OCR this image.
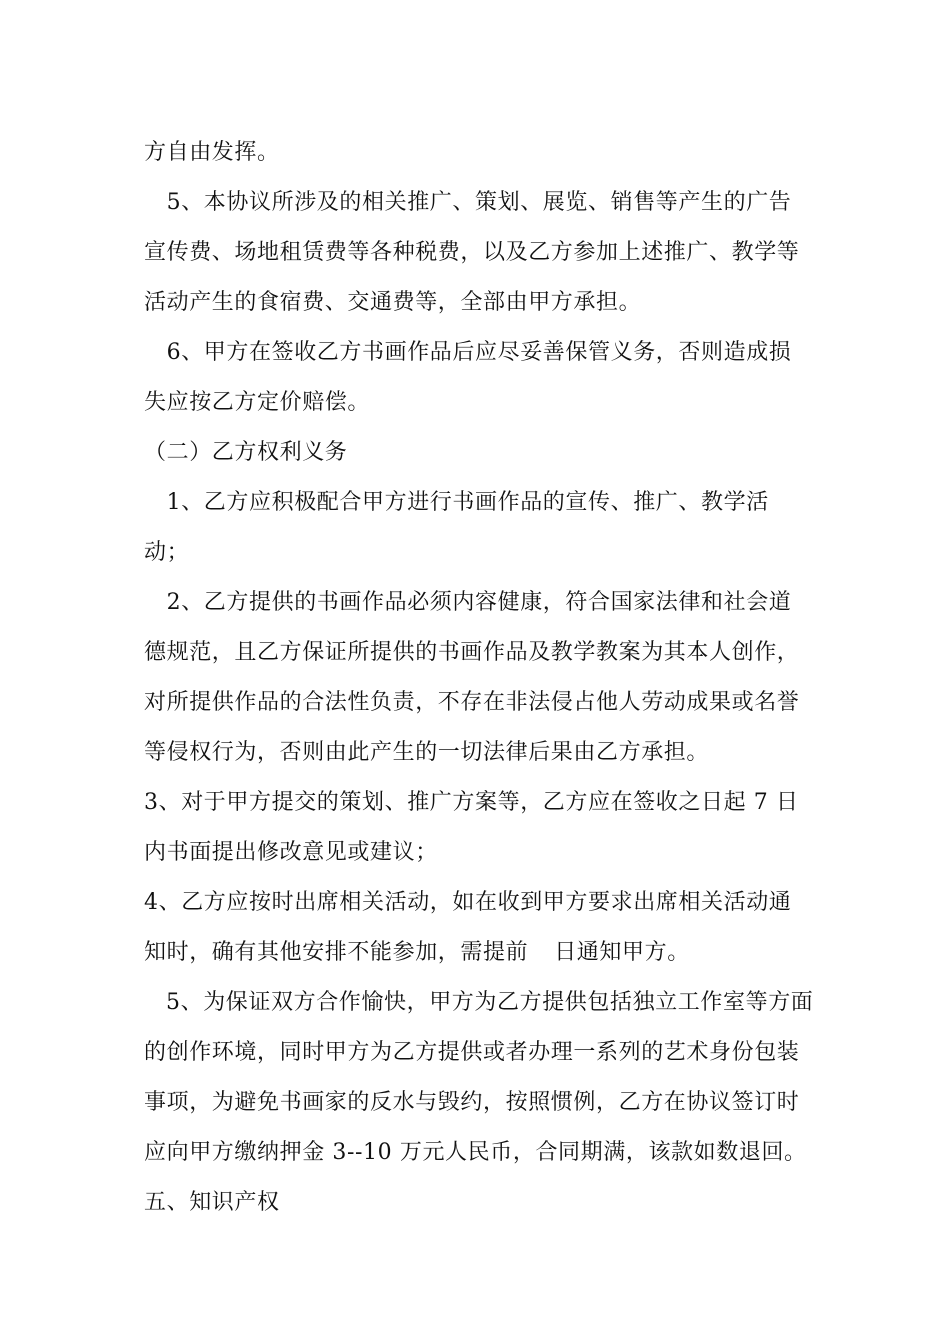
方自由发挥。
　5、本协议所涉及的相关推广、策划、展览、销售等产生的广告
宣传费、场地租赁费等各种税费，以及乙方参加上述推广、教学等
活动产生的食宿费、交通费等，全部由甲方承担。
　6、甲方在签收乙方书画作品后应尽妥善保管义务，否则造成损
失应按乙方定价赔偿。
（二）乙方权利义务
　1、乙方应积极配合甲方进行书画作品的宣传、推广、教学活
动；
　2、乙方提供的书画作品必须内容健康，符合国家法律和社会道
德规范，且乙方保证所提供的书画作品及教学教案为其本人创作，
对所提供作品的合法性负责，不存在非法侵占他人劳动成果或名誉
等侵权行为，否则由此产生的一切法律后果由乙方承担。
3、对于甲方提交的策划、推广方案等，乙方应在签收之日起 7 日
内书面提出修改意见或建议；
4、乙方应按时出席相关活动，如在收到甲方要求出席相关活动通
知时，确有其他安排不能参加，需提前 日通知甲方。
5、为保证双方合作愉快，甲方为乙方提供包括独立工作室等方面
的创作环境，同时甲方为乙方提供或者办理一系列的艺术身份包装
事项，为避免书画家的反水与毁约，按照惯例，乙方在协议签订时
应向甲方缴纳押金 3--10 万元人民币，合同期满，该款如数退回。
五、知识产权
